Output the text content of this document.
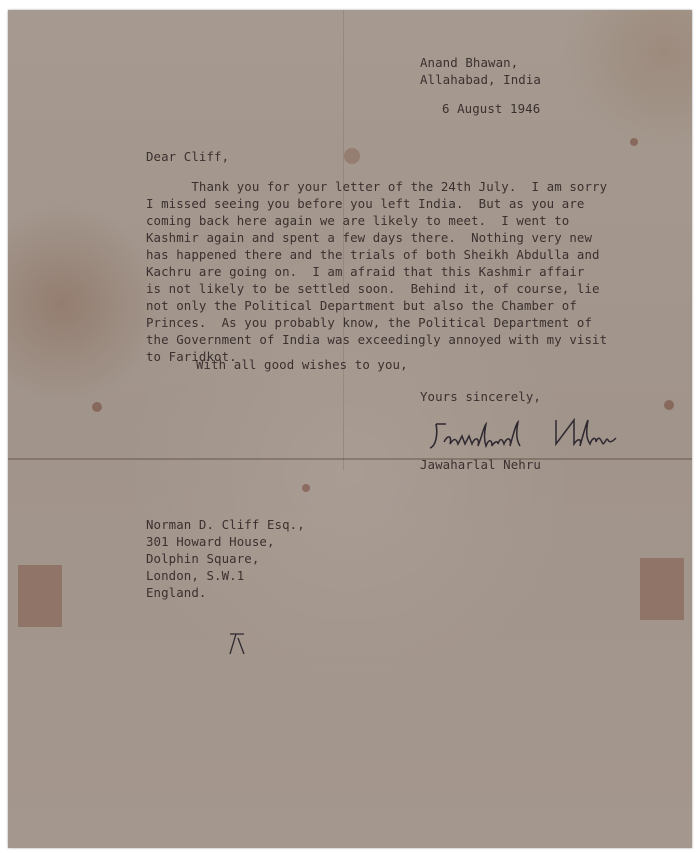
Anand Bhawan,
Allahabad, India
6 August 1946
Dear Cliff,
Thank you for your letter of the 24th July.  I am sorry
I missed seeing you before you left India.  But as you are
coming back here again we are likely to meet.  I went to
Kashmir again and spent a few days there.  Nothing very new
has happened there and the trials of both Sheikh Abdulla and
Kachru are going on.  I am afraid that this Kashmir affair
is not likely to be settled soon.  Behind it, of course, lie
not only the Political Department but also the Chamber of
Princes.  As you probably know, the Political Department of
the Government of India was exceedingly annoyed with my visit
to Faridkot.
With all good wishes to you,
Yours sincerely,
Jawaharlal Nehru
Norman D. Cliff Esq.,
301 Howard House,
Dolphin Square,
London, S.W.1
England.
